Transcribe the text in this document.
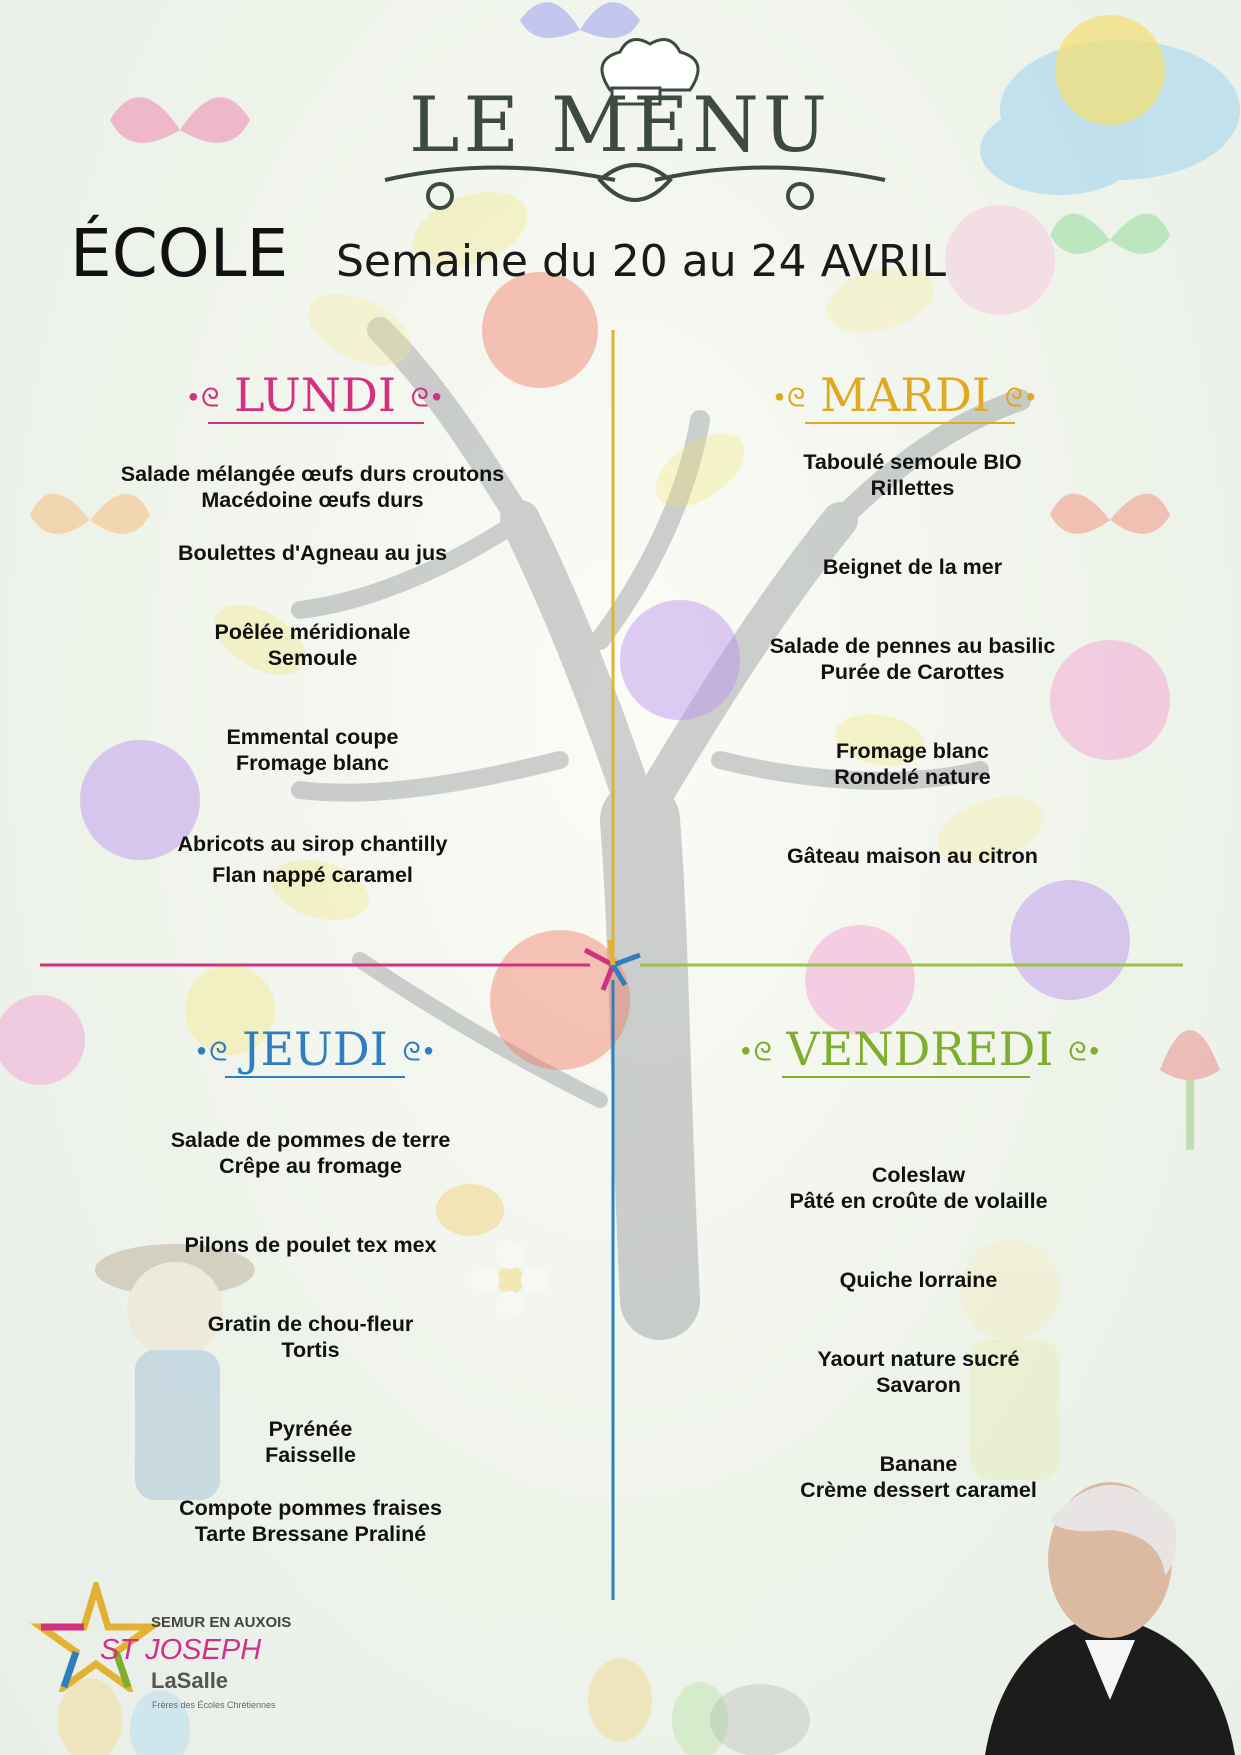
LE MENU
ÉCOLE Semaine du 20 au 24 AVRIL
•ᘓ LUNDI ᘓ•
Salade mélangée œufs durs croutons
Macédoine œufs durs
Boulettes d'Agneau au jus
Poêlée méridionale
Semoule
Emmental coupe
Fromage blanc
Abricots au sirop chantilly
Flan nappé caramel
•ᘓ MARDI ᘓ•
Taboulé semoule BIO
Rillettes
Beignet de la mer
Salade de pennes au basilic
Purée de Carottes
Fromage blanc
Rondelé nature
Gâteau maison au citron
•ᘓ JEUDI ᘓ•
Salade de pommes de terre
Crêpe au fromage
Pilons de poulet tex mex
Gratin de chou-fleur
Tortis
Pyrénée
Faisselle
Compote pommes fraises
Tarte Bressane Praliné
•ᘓ VENDREDI ᘓ•
Coleslaw
Pâté en croûte de volaille
Quiche lorraine
Yaourt nature sucré
Savaron
Banane
Crème dessert caramel
SEMUR EN AUXOIS
ST JOSEPH
LaSalle
Frères des Écoles Chrétiennes
